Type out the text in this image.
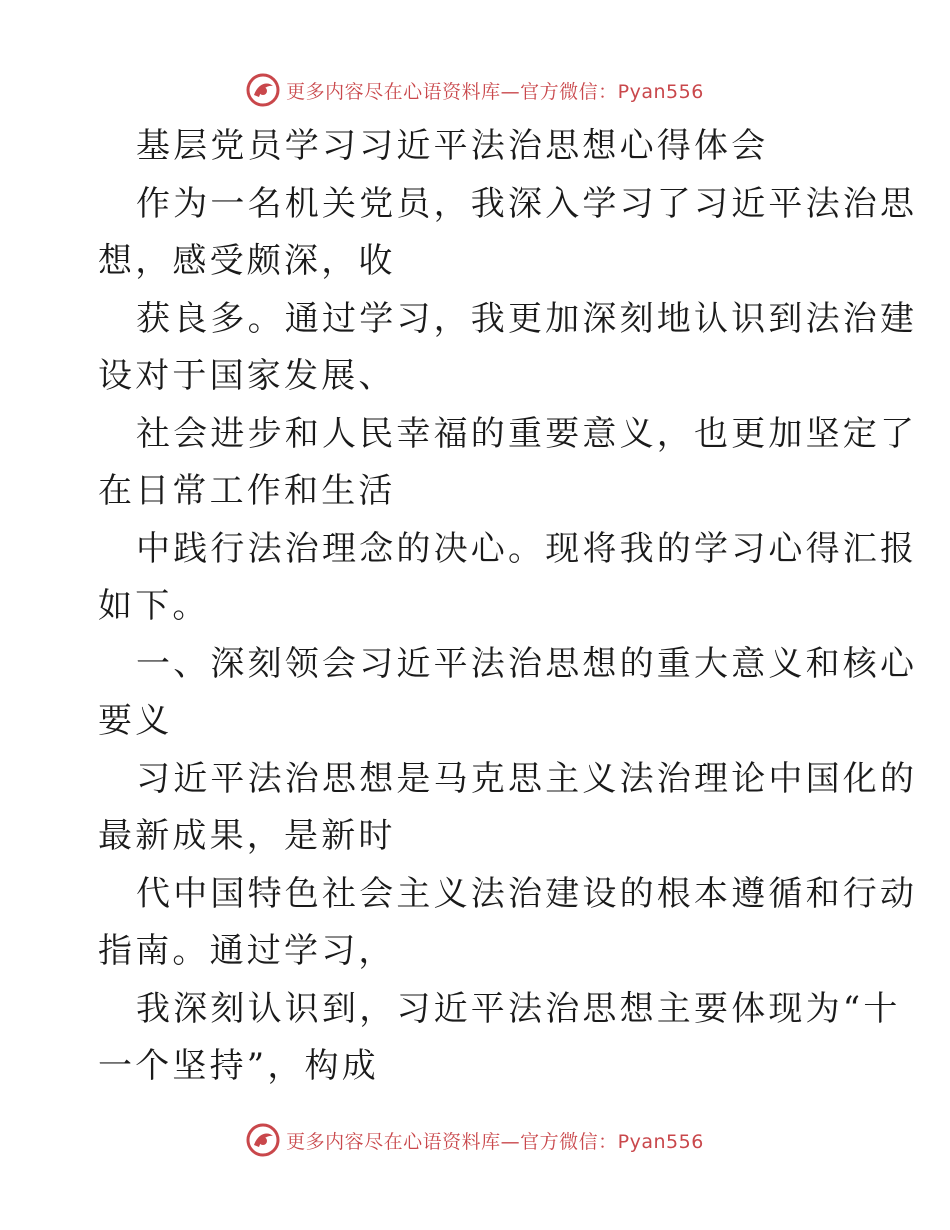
更多内容尽在心语资料库—官方微信：Pyan556
基层党员学习习近平法治思想心得体会
作为一名机关党员，我深入学习了习近平法治思
想，感受颇深，收
获良多。通过学习，我更加深刻地认识到法治建
设对于国家发展、
社会进步和人民幸福的重要意义，也更加坚定了
在日常工作和生活
中践行法治理念的决心。现将我的学习心得汇报
如下。
一、深刻领会习近平法治思想的重大意义和核心
要义
习近平法治思想是马克思主义法治理论中国化的
最新成果，是新时
代中国特色社会主义法治建设的根本遵循和行动
指南。通过学习，
我深刻认识到，习近平法治思想主要体现为“十
一个坚持”，构成
更多内容尽在心语资料库—官方微信：Pyan556
